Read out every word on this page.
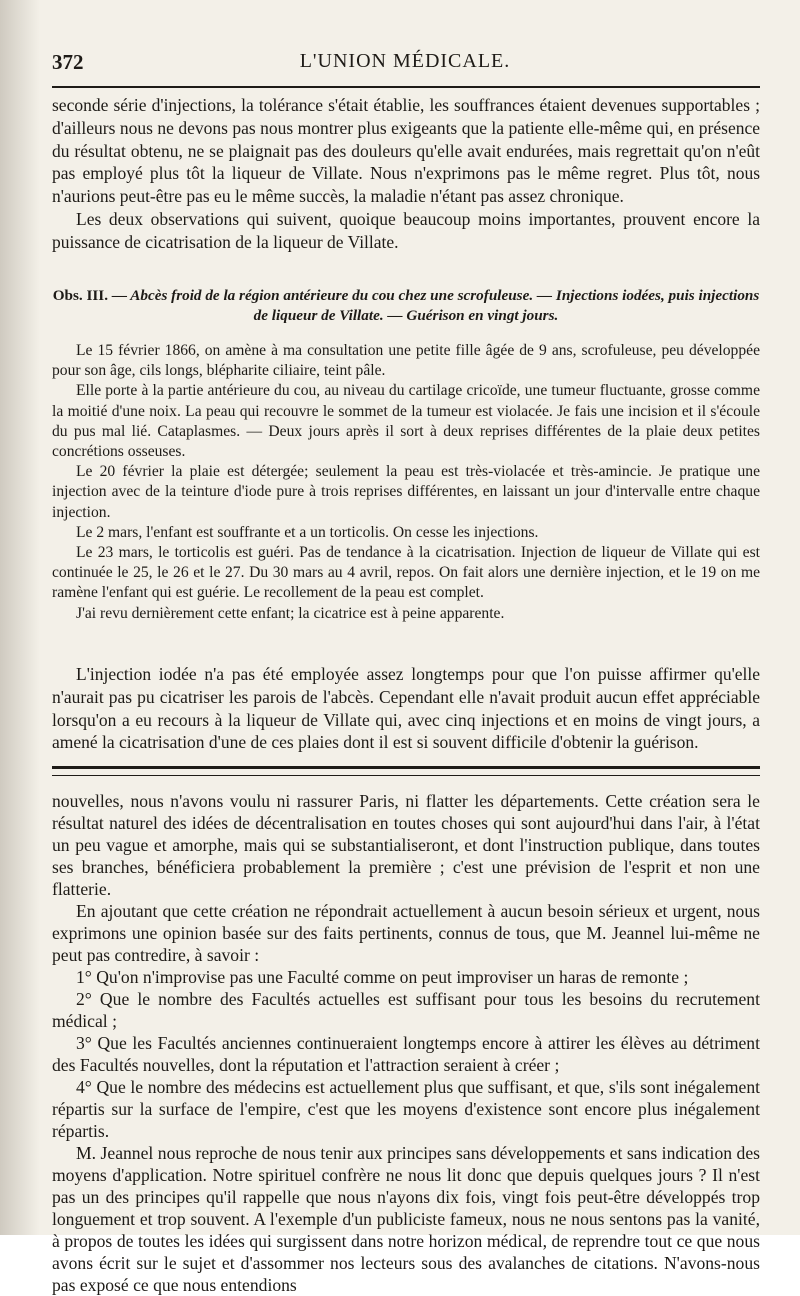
372	L'UNION MÉDICALE.

seconde série d'injections, la tolérance s'était établie, les souffrances étaient devenues supportables ; d'ailleurs nous ne devons pas nous montrer plus exigeants que la patiente elle-même qui, en présence du résultat obtenu, ne se plaignait pas des douleurs qu'elle avait endurées, mais regrettait qu'on n'eût pas employé plus tôt la liqueur de Villate. Nous n'exprimons pas le même regret. Plus tôt, nous n'aurions peut-être pas eu le même succès, la maladie n'étant pas assez chronique.

Les deux observations qui suivent, quoique beaucoup moins importantes, prouvent encore la puissance de cicatrisation de la liqueur de Villate.

Obs. III. — Abcès froid de la région antérieure du cou chez une scrofuleuse. — Injections iodées, puis injections de liqueur de Villate. — Guérison en vingt jours.

Le 15 février 1866, on amène à ma consultation une petite fille âgée de 9 ans, scrofuleuse, peu développée pour son âge, cils longs, blépharite ciliaire, teint pâle.

Elle porte à la partie antérieure du cou, au niveau du cartilage cricoïde, une tumeur fluctuante, grosse comme la moitié d'une noix. La peau qui recouvre le sommet de la tumeur est violacée. Je fais une incision et il s'écoule du pus mal lié. Cataplasmes. — Deux jours après il sort à deux reprises différentes de la plaie deux petites concrétions osseuses.

Le 20 février la plaie est détergée; seulement la peau est très-violacée et très-amincie. Je pratique une injection avec de la teinture d'iode pure à trois reprises différentes, en laissant un jour d'intervalle entre chaque injection.

Le 2 mars, l'enfant est souffrante et a un torticolis. On cesse les injections.

Le 23 mars, le torticolis est guéri. Pas de tendance à la cicatrisation. Injection de liqueur de Villate qui est continuée le 25, le 26 et le 27. Du 30 mars au 4 avril, repos. On fait alors une dernière injection, et le 19 on me ramène l'enfant qui est guérie. Le recollement de la peau est complet.

J'ai revu dernièrement cette enfant; la cicatrice est à peine apparente.

L'injection iodée n'a pas été employée assez longtemps pour que l'on puisse affirmer qu'elle n'aurait pas pu cicatriser les parois de l'abcès. Cependant elle n'avait produit aucun effet appréciable lorsqu'on a eu recours à la liqueur de Villate qui, avec cinq injections et en moins de vingt jours, a amené la cicatrisation d'une de ces plaies dont il est si souvent difficile d'obtenir la guérison.

nouvelles, nous n'avons voulu ni rassurer Paris, ni flatter les départements. Cette création sera le résultat naturel des idées de décentralisation en toutes choses qui sont aujourd'hui dans l'air, à l'état un peu vague et amorphe, mais qui se substantialiseront, et dont l'instruction publique, dans toutes ses branches, bénéficiera probablement la première ; c'est une prévision de l'esprit et non une flatterie.

En ajoutant que cette création ne répondrait actuellement à aucun besoin sérieux et urgent, nous exprimons une opinion basée sur des faits pertinents, connus de tous, que M. Jeannel lui-même ne peut pas contredire, à savoir :

1° Qu'on n'improvise pas une Faculté comme on peut improviser un haras de remonte ;

2° Que le nombre des Facultés actuelles est suffisant pour tous les besoins du recrutement médical ;

3° Que les Facultés anciennes continueraient longtemps encore à attirer les élèves au détriment des Facultés nouvelles, dont la réputation et l'attraction seraient à créer ;

4° Que le nombre des médecins est actuellement plus que suffisant, et que, s'ils sont inégalement répartis sur la surface de l'empire, c'est que les moyens d'existence sont encore plus inégalement répartis.

M. Jeannel nous reproche de nous tenir aux principes sans développements et sans indication des moyens d'application. Notre spirituel confrère ne nous lit donc que depuis quelques jours ? Il n'est pas un des principes qu'il rappelle que nous n'ayons dix fois, vingt fois peut-être développés trop longuement et trop souvent. A l'exemple d'un publiciste fameux, nous ne nous sentons pas la vanité, à propos de toutes les idées qui surgissent dans notre horizon médical, de reprendre tout ce que nous avons écrit sur le sujet et d'assommer nos lecteurs sous des avalanches de citations. N'avons-nous pas exposé ce que nous entendions
